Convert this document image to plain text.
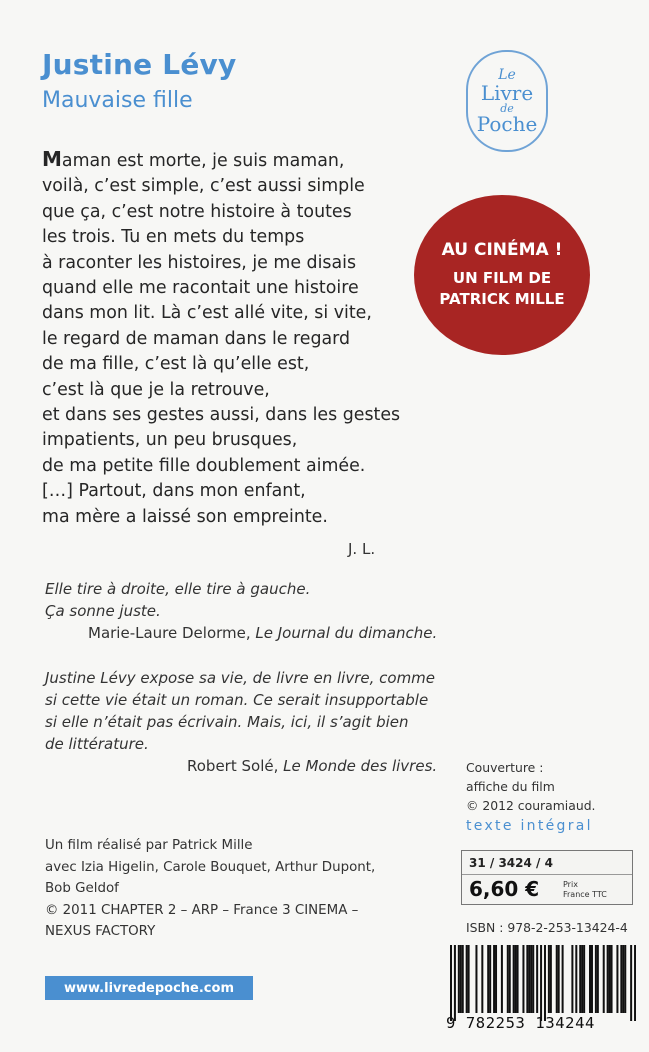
Justine Lévy
Mauvaise fille
Le
Livre
de
Poche
Maman est morte, je suis maman,
voilà, c’est simple, c’est aussi simple
que ça, c’est notre histoire à toutes
les trois. Tu en mets du temps
à raconter les histoires, je me disais
quand elle me racontait une histoire
dans mon lit. Là c’est allé vite, si vite,
le regard de maman dans le regard
de ma fille, c’est là qu’elle est,
c’est là que je la retrouve,
et dans ses gestes aussi, dans les gestes
impatients, un peu brusques,
de ma petite fille doublement aimée.
[…] Partout, dans mon enfant,
ma mère a laissé son empreinte.
J. L.
AU CINÉMA !
UN FILM DE
PATRICK MILLE
Elle tire à droite, elle tire à gauche.
Ça sonne juste.
Marie-Laure Delorme, Le Journal du dimanche.
Justine Lévy expose sa vie, de livre en livre, comme
si cette vie était un roman. Ce serait insupportable
si elle n’était pas écrivain. Mais, ici, il s’agit bien
de littérature.
Robert Solé, Le Monde des livres.
Un film réalisé par Patrick Mille
avec Izia Higelin, Carole Bouquet, Arthur Dupont,
Bob Geldof
© 2011 CHAPTER 2 – ARP – France 3 CINEMA –
NEXUS FACTORY
www.livredepoche.com
Couverture :
affiche du film
© 2012 couramiaud.
texte intégral
31 / 3424 / 4
6,60 €	Prix
France TTC
ISBN : 978-2-253-13424-4
9 782253 134244
